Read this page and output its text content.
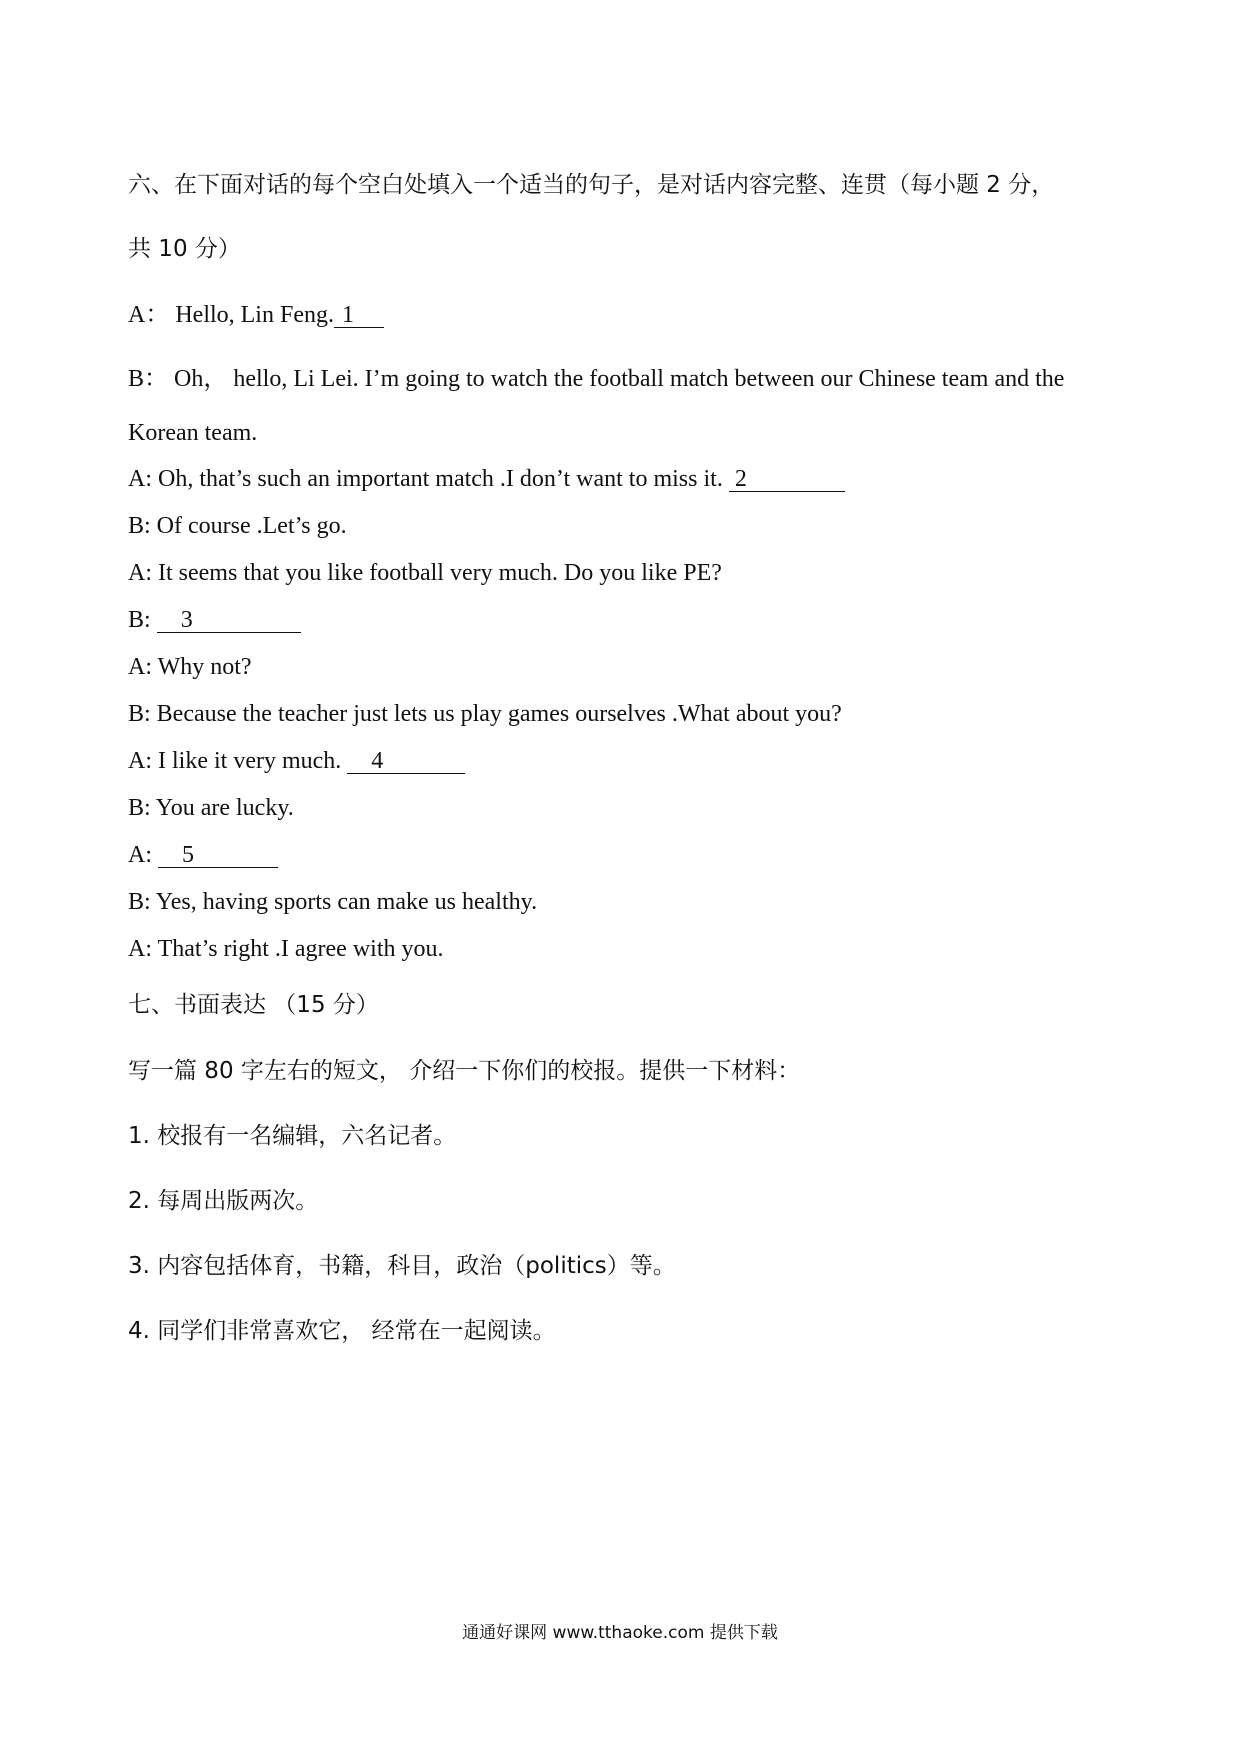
六、在下面对话的每个空白处填入一个适当的句子，是对话内容完整、连贯（每小题 2 分，
共 10 分）
A： Hello, Lin Feng. 1
B： Oh， hello, Li Lei. I’m going to watch the football match between our Chinese team and the
Korean team.
A: Oh, that’s such an important match .I don’t want to miss it. 2
B: Of course .Let’s go.
A: It seems that you like football very much. Do you like PE?
B: 3
A: Why not?
B: Because the teacher just lets us play games ourselves .What about you?
A: I like it very much. 4
B: You are lucky.
A: 5
B: Yes, having sports can make us healthy.
A: That’s right .I agree with you.
七、书面表达 （15 分）
写一篇 80 字左右的短文， 介绍一下你们的校报。提供一下材料：
1. 校报有一名编辑，六名记者。
2. 每周出版两次。
3. 内容包括体育，书籍，科目，政治（politics）等。
4. 同学们非常喜欢它， 经常在一起阅读。
通通好课网 www.tthaoke.com 提供下载
